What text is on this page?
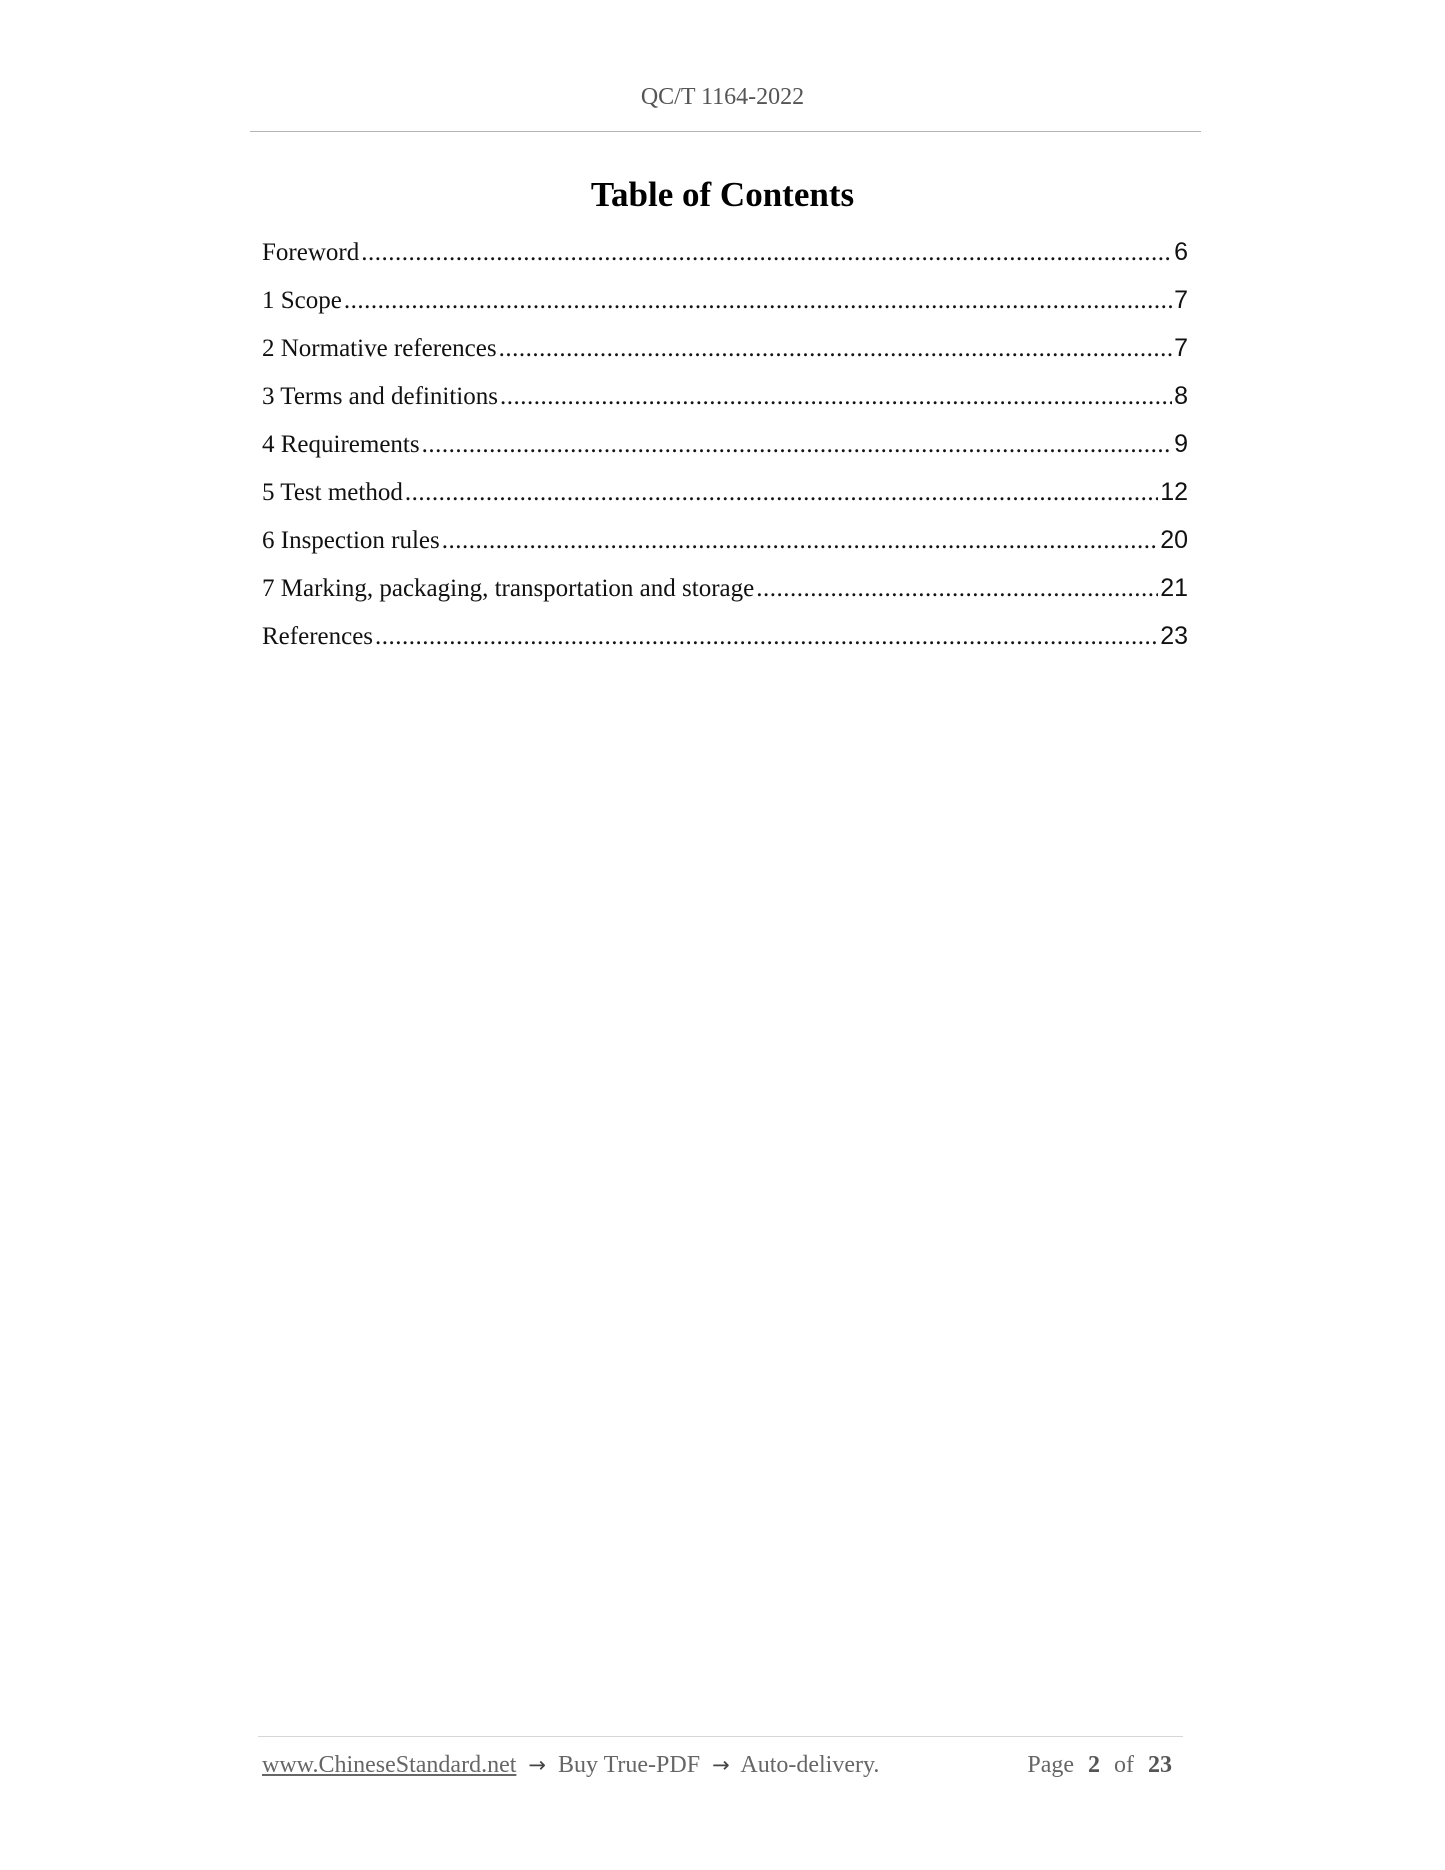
QC/T 1164-2022
Table of Contents
Foreword .....	6
1 Scope .....	7
2 Normative references .....	7
3 Terms and definitions .....	8
4 Requirements .....	9
5 Test method .....	12
6 Inspection rules .....	20
7 Marking, packaging, transportation and storage .....	21
References .....	23
www.ChineseStandard.net → Buy True-PDF → Auto-delivery.	Page 2 of 23
